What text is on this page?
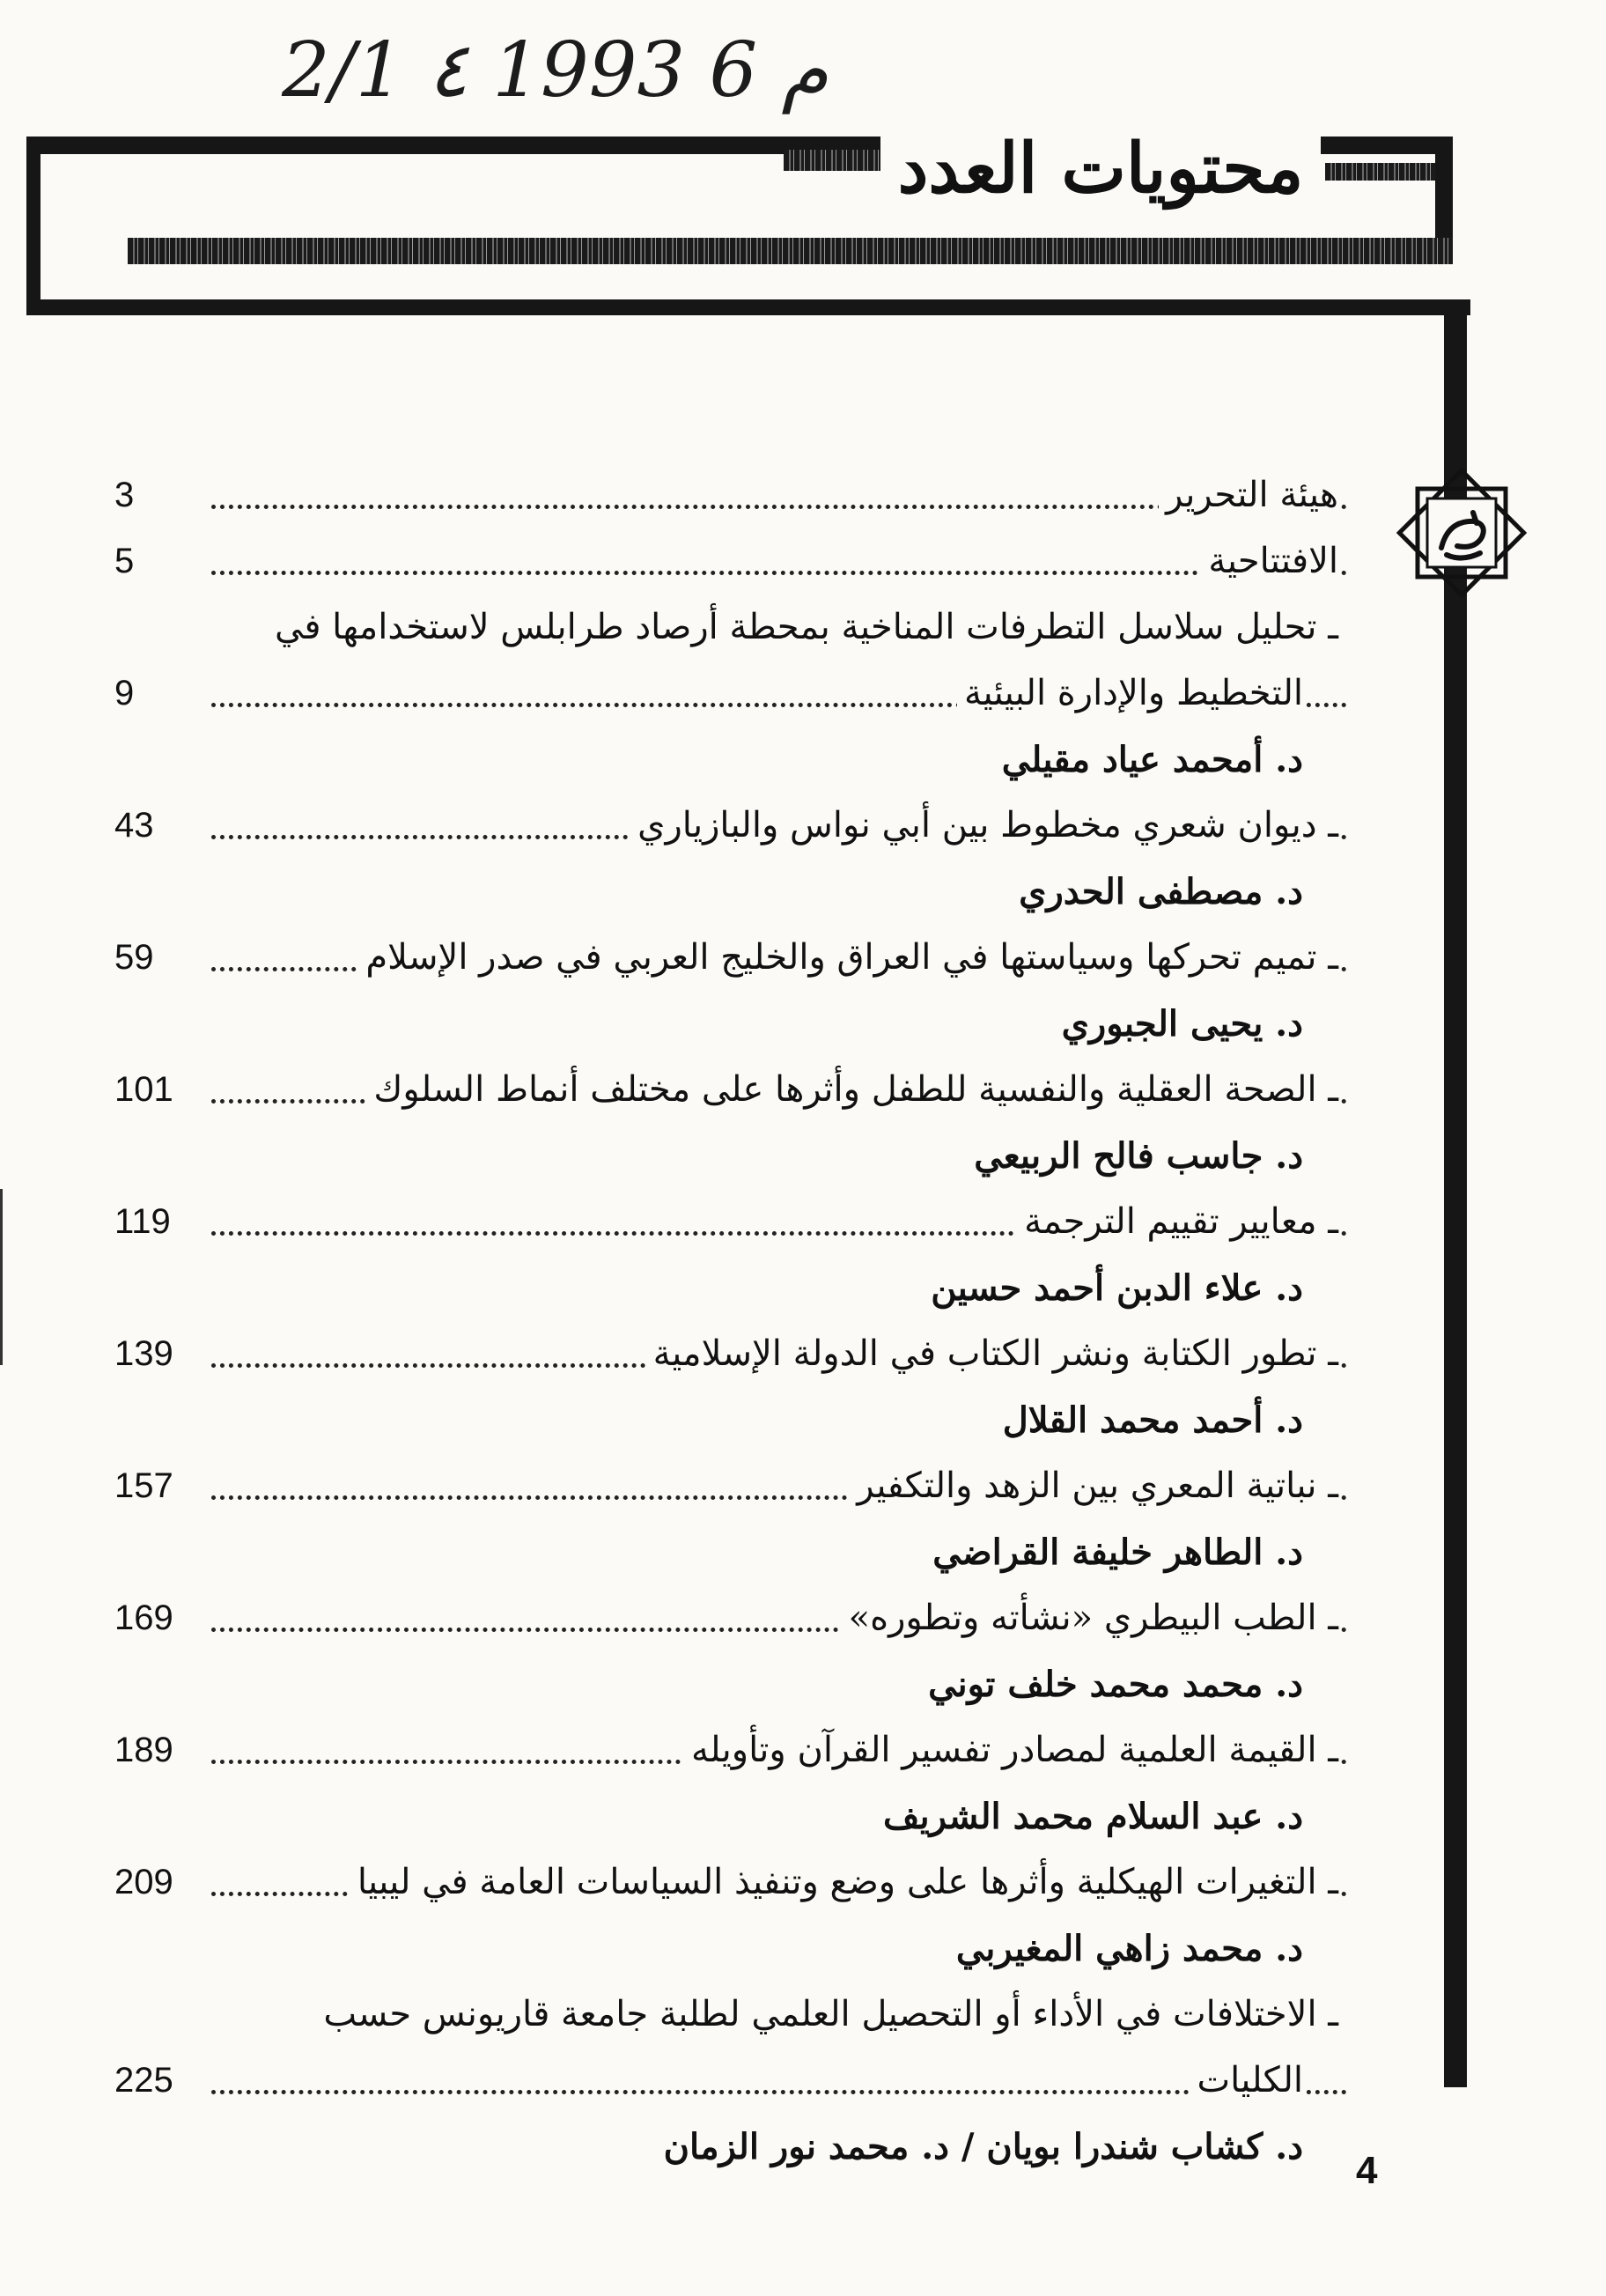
2/1 ٤ 1993 6 م
محتويات العدد
هيئة التحرير
3
الافتتاحية
5
ـ تحليل سلاسل التطرفات المناخية بمحطة أرصاد طرابلس لاستخدامها في
التخطيط والإدارة البيئية
9
د. أمحمد عياد مقيلي
ـ ديوان شعري مخطوط بين أبي نواس والبازياري
43
د. مصطفى الحدري
ـ تميم تحركها وسياستها في العراق والخليج العربي في صدر الإسلام
59
د. يحيى الجبوري
ـ الصحة العقلية والنفسية للطفل وأثرها على مختلف أنماط السلوك
101
د. جاسب فالح الربيعي
ـ معايير تقييم الترجمة
119
د. علاء الدبن أحمد حسين
ـ تطور الكتابة ونشر الكتاب في الدولة الإسلامية
139
د. أحمد محمد القلال
ـ نباتية المعري بين الزهد والتكفير
157
د. الطاهر خليفة القراضي
ـ الطب البيطري «نشأته وتطوره»
169
د. محمد محمد خلف توني
ـ القيمة العلمية لمصادر تفسير القرآن وتأويله
189
د. عبد السلام محمد الشريف
ـ التغيرات الهيكلية وأثرها على وضع وتنفيذ السياسات العامة في ليبيا
209
د. محمد زاهي المغيربي
ـ الاختلافات في الأداء أو التحصيل العلمي لطلبة جامعة قاريونس حسب
الكليات
225
د. كشاب شندرا بويان / د. محمد نور الزمان
4
